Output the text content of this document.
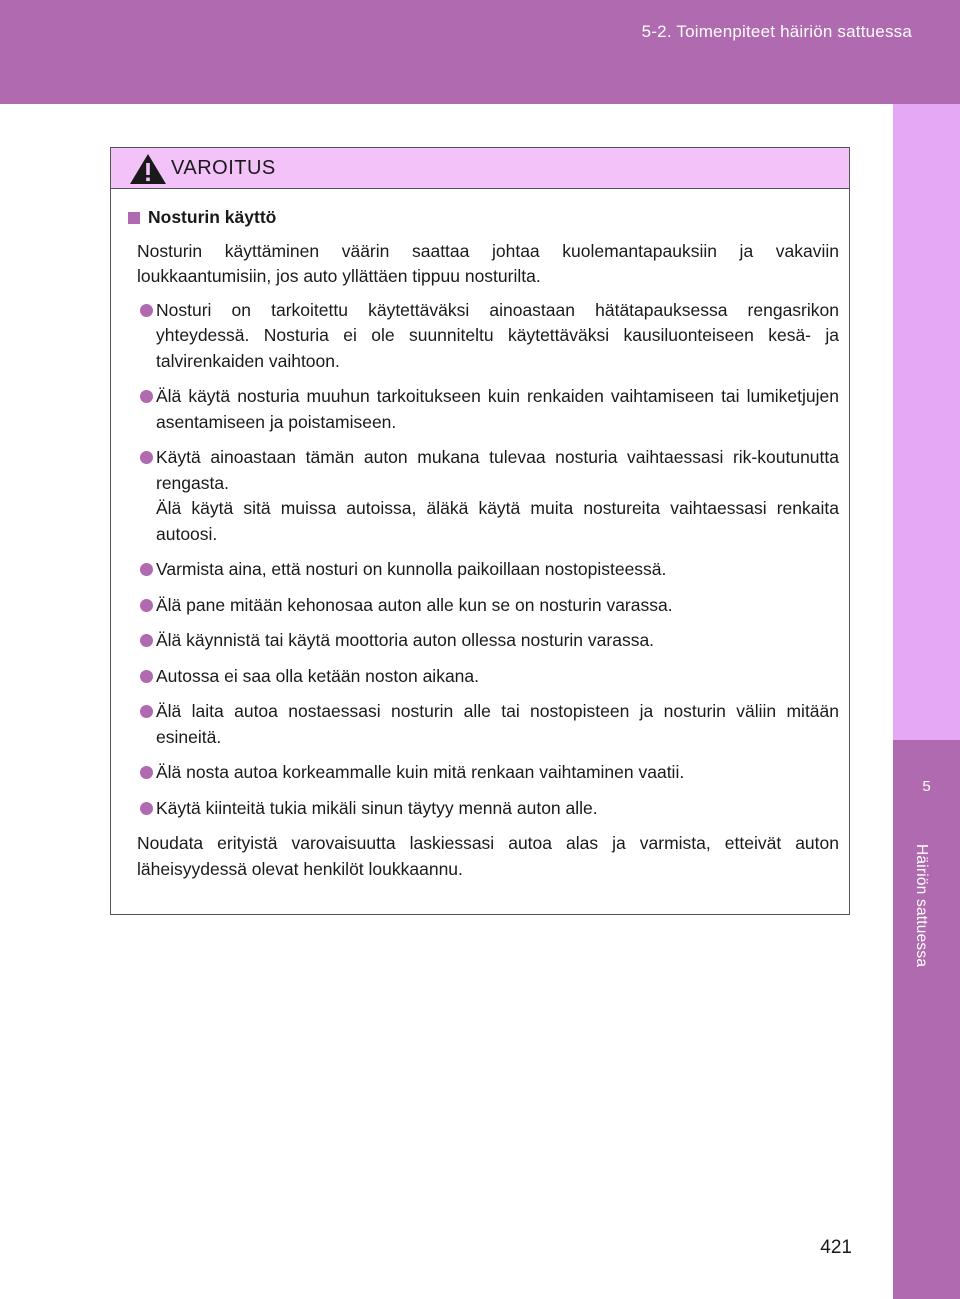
5-2. Toimenpiteet häiriön sattuessa
5
Häiriön sattuessa
VAROITUS
Nosturin käyttö

Nosturin käyttäminen väärin saattaa johtaa kuolemantapauksiin ja vakaviin loukkaantumisiin, jos auto yllättäen tippuu nosturilta.

Nosturi on tarkoitettu käytettäväksi ainoastaan hätätapauksessa rengasrikon yhteydessä. Nosturia ei ole suunniteltu käytettäväksi kausiluonteiseen kesä- ja talvirenkaiden vaihtoon.
Älä käytä nosturia muuhun tarkoitukseen kuin renkaiden vaihtamiseen tai lumiketjujen asentamiseen ja poistamiseen.
Käytä ainoastaan tämän auton mukana tulevaa nosturia vaihtaessasi rik-koutunutta rengasta.
Älä käytä sitä muissa autoissa, äläkä käytä muita nostureita vaihtaessasi renkaita autoosi.
Varmista aina, että nosturi on kunnolla paikoillaan nostopisteessä.
Älä pane mitään kehonosaa auton alle kun se on nosturin varassa.
Älä käynnistä tai käytä moottoria auton ollessa nosturin varassa.
Autossa ei saa olla ketään noston aikana.
Älä laita autoa nostaessasi nosturin alle tai nostopisteen ja nosturin väliin mitään esineitä.
Älä nosta autoa korkeammalle kuin mitä renkaan vaihtaminen vaatii.
Käytä kiinteitä tukia mikäli sinun täytyy mennä auton alle.

Noudata erityistä varovaisuutta laskiessasi autoa alas ja varmista, etteivät auton läheisyydessä olevat henkilöt loukkaannu.

421
